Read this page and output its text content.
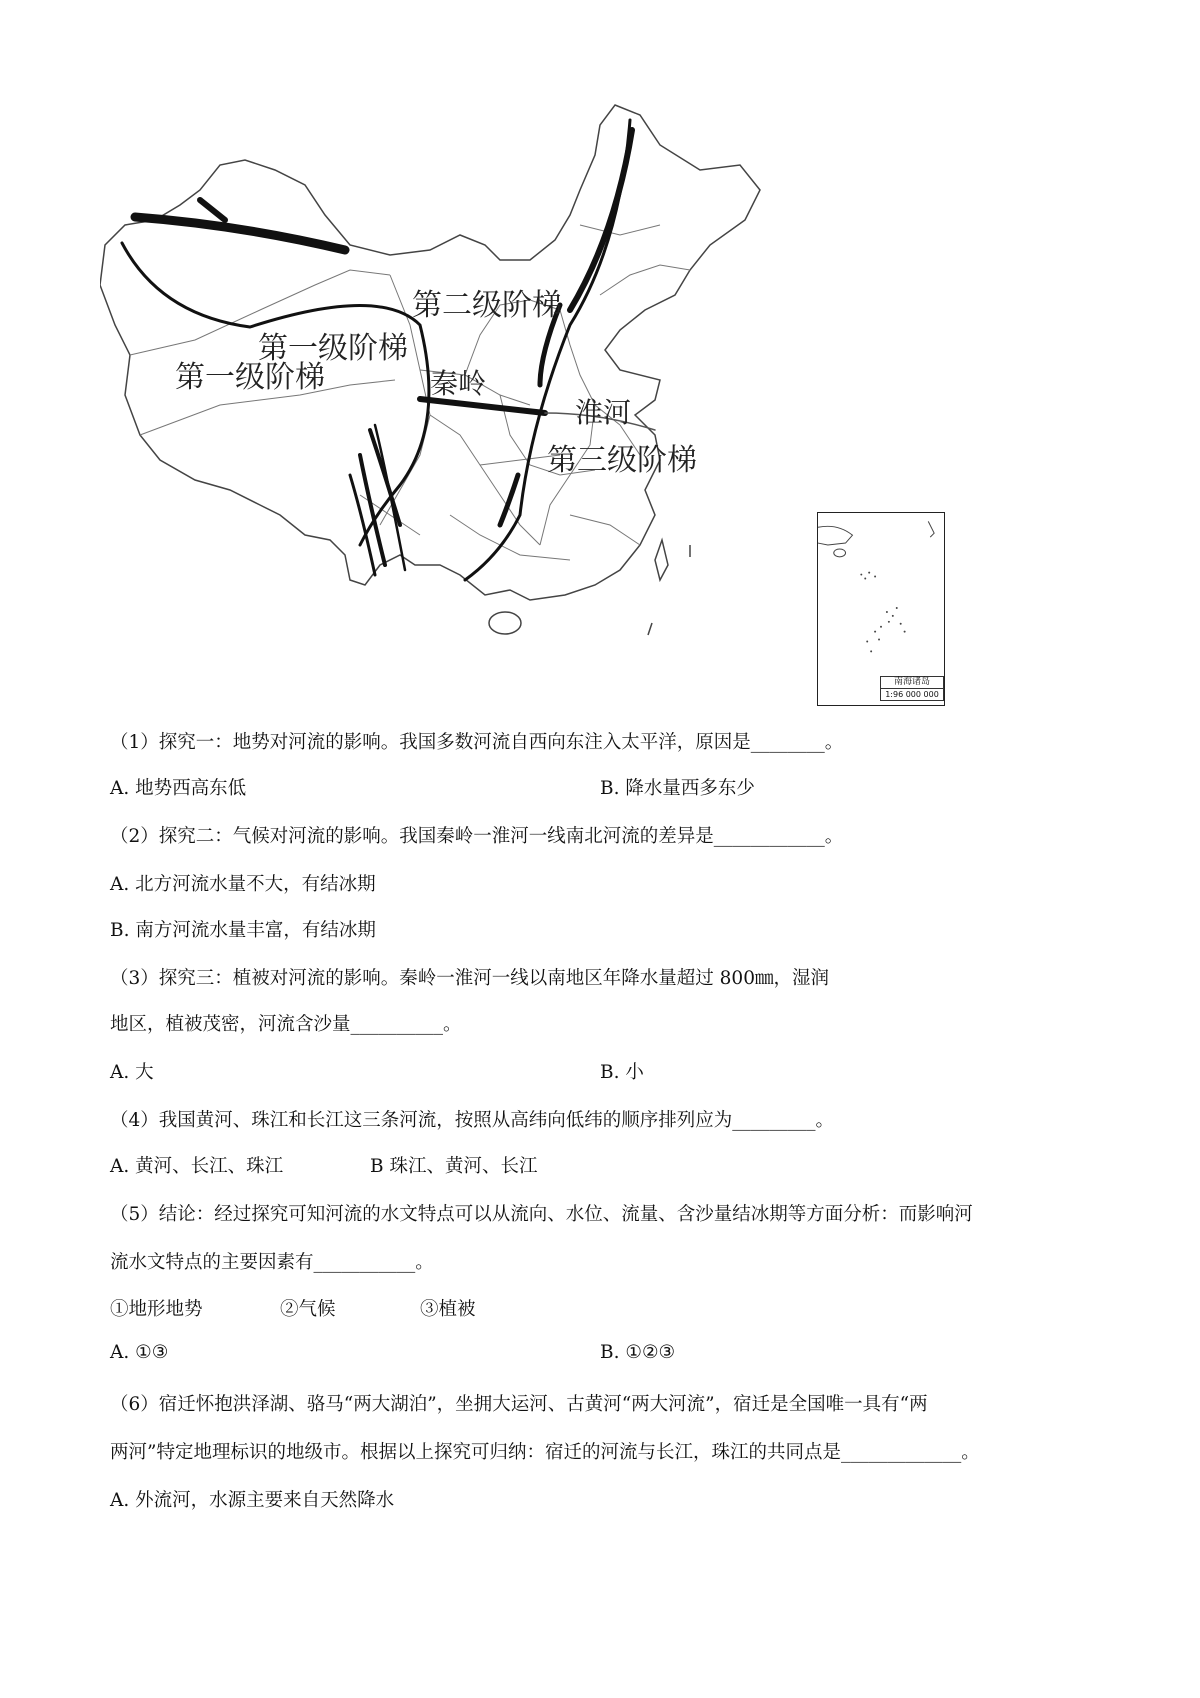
第二级阶梯
第一级阶梯
第一级阶梯	秦岭
淮河
第三级阶梯
南海诸岛
1:96 000 000
（1）探究一：地势对河流的影响。我国多数河流自西向东注入太平洋，原因是________。
A. 地势西高东低	B. 降水量西多东少
（2）探究二：气候对河流的影响。我国秦岭一淮河一线南北河流的差异是____________。
A. 北方河流水量不大，有结冰期
B. 南方河流水量丰富，有结冰期
（3）探究三：植被对河流的影响。秦岭一淮河一线以南地区年降水量超过 800㎜，湿润
地区，植被茂密，河流含沙量__________。
A. 大	B. 小
（4）我国黄河、珠江和长江这三条河流，按照从高纬向低纬的顺序排列应为_________。
A. 黄河、长江、珠江	B 珠江、黄河、长江
（5）结论：经过探究可知河流的水文特点可以从流向、水位、流量、含沙量结冰期等方面分析：而影响河
流水文特点的主要因素有___________。
①地形地势	②气候	③植被
A. ①③	B. ①②③
（6）宿迁怀抱洪泽湖、骆马“两大湖泊”，坐拥大运河、古黄河“两大河流”，宿迁是全国唯一具有“两
两河”特定地理标识的地级市。根据以上探究可归纳：宿迁的河流与长江，珠江的共同点是_____________。
A. 外流河，水源主要来自天然降水
